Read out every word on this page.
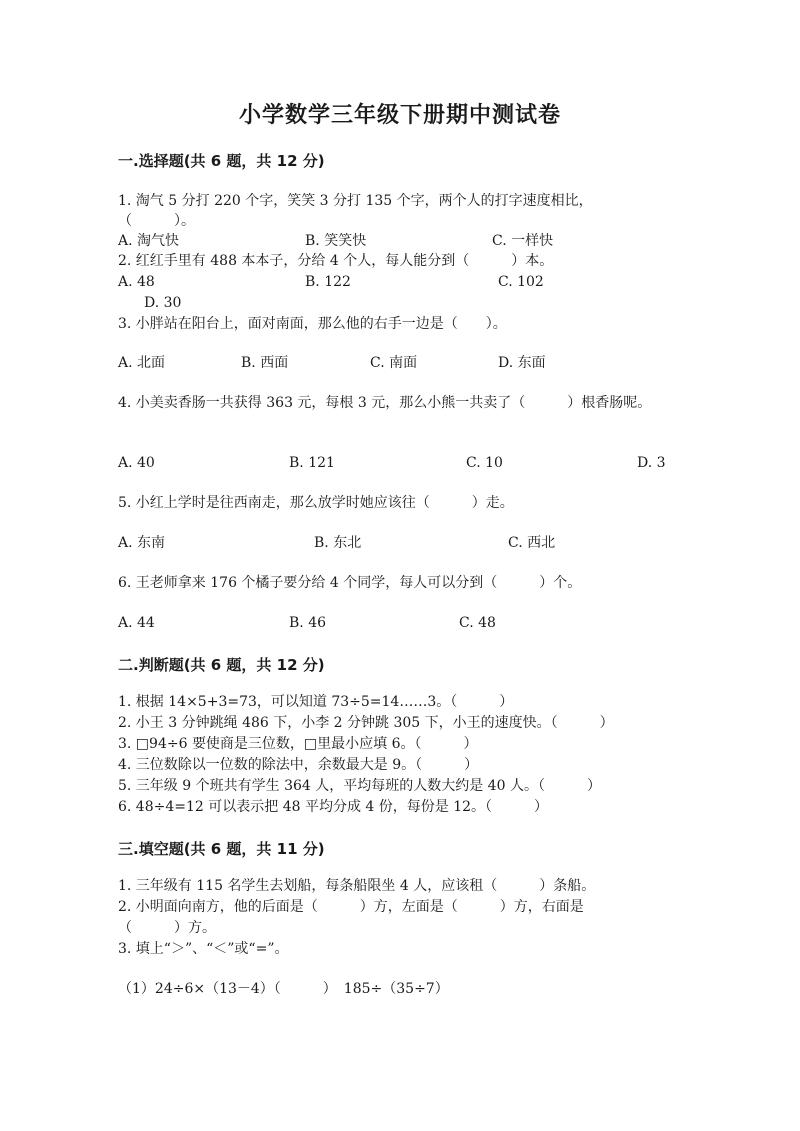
小学数学三年级下册期中测试卷
一.选择题(共 6 题，共 12 分)
1. 淘气 5 分打 220 个字，笑笑 3 分打 135 个字，两个人的打字速度相比，
（　　　）。
A. 淘气快	B. 笑笑快	C. 一样快
2. 红红手里有 488 本本子，分给 4 个人，每人能分到（　　　）本。
A. 48	B. 122	C. 102
D. 30
3. 小胖站在阳台上，面对南面，那么他的右手一边是（　　）。
A. 北面	B. 西面	C. 南面	D. 东面
4. 小美卖香肠一共获得 363 元，每根 3 元，那么小熊一共卖了（　　　）根香肠呢。
A. 40	B. 121	C. 10	D. 3
5. 小红上学时是往西南走，那么放学时她应该往（　　　）走。
A. 东南	B. 东北	C. 西北
6. 王老师拿来 176 个橘子要分给 4 个同学，每人可以分到（　　　）个。
A. 44	B. 46	C. 48
二.判断题(共 6 题，共 12 分)
1. 根据 14×5+3=73，可以知道 73÷5=14……3。（　　　）
2. 小王 3 分钟跳绳 486 下，小李 2 分钟跳 305 下，小王的速度快。（　　　）
3. □94÷6 要使商是三位数，□里最小应填 6。（　　　）
4. 三位数除以一位数的除法中，余数最大是 9。（　　　）
5. 三年级 9 个班共有学生 364 人，平均每班的人数大约是 40 人。（　　　）
6. 48÷4=12 可以表示把 48 平均分成 4 份，每份是 12。（　　　）
三.填空题(共 6 题，共 11 分)
1. 三年级有 115 名学生去划船，每条船限坐 4 人，应该租（　　　）条船。
2. 小明面向南方，他的后面是（　　　）方，左面是（　　　）方，右面是
（　　　）方。
3. 填上“＞”、“＜”或“=”。
（1）24÷6×（13－4）（　　　）　185÷（35÷7）
